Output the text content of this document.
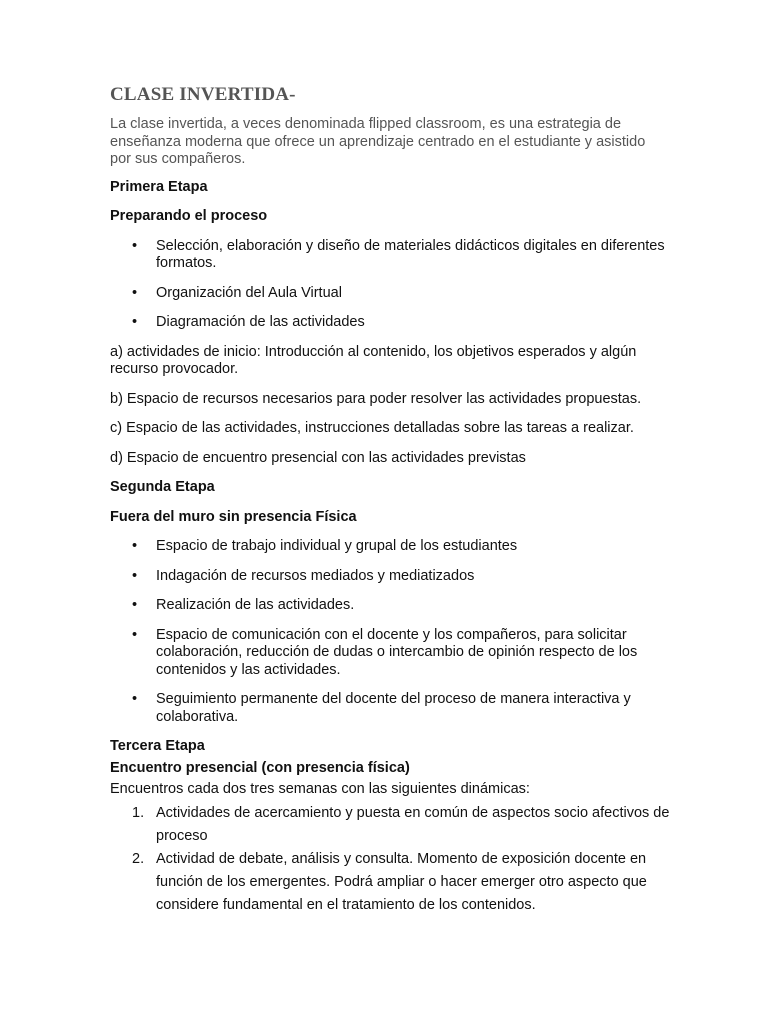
CLASE INVERTIDA-

La clase invertida, a veces denominada flipped classroom, es una estrategia de enseñanza moderna que ofrece un aprendizaje centrado en el estudiante y asistido por sus compañeros.

Primera Etapa

Preparando el proceso

• Selección, elaboración y diseño de materiales didácticos digitales en diferentes formatos.
• Organización del Aula Virtual
• Diagramación de las actividades

a) actividades de inicio: Introducción al contenido, los objetivos esperados y algún recurso provocador.

b) Espacio de recursos necesarios para poder resolver las actividades propuestas.

c) Espacio de las actividades, instrucciones detalladas sobre las tareas a realizar.

d) Espacio de encuentro presencial con las actividades previstas

Segunda Etapa

Fuera del muro sin presencia Física

• Espacio de trabajo individual y grupal de los estudiantes
• Indagación de recursos mediados y mediatizados
• Realización de las actividades.
• Espacio de comunicación con el docente y los compañeros, para solicitar colaboración, reducción de dudas o intercambio de opinión respecto de los contenidos y las actividades.
• Seguimiento permanente del docente del proceso de manera interactiva y colaborativa.

Tercera Etapa

Encuentro presencial (con presencia física)

Encuentros cada dos tres semanas con las siguientes dinámicas:

1. Actividades de acercamiento y puesta en común de aspectos socio afectivos de proceso
2. Actividad de debate, análisis y consulta. Momento de exposición docente en función de los emergentes. Podrá ampliar o hacer emerger otro aspecto que considere fundamental en el tratamiento de los contenidos.
